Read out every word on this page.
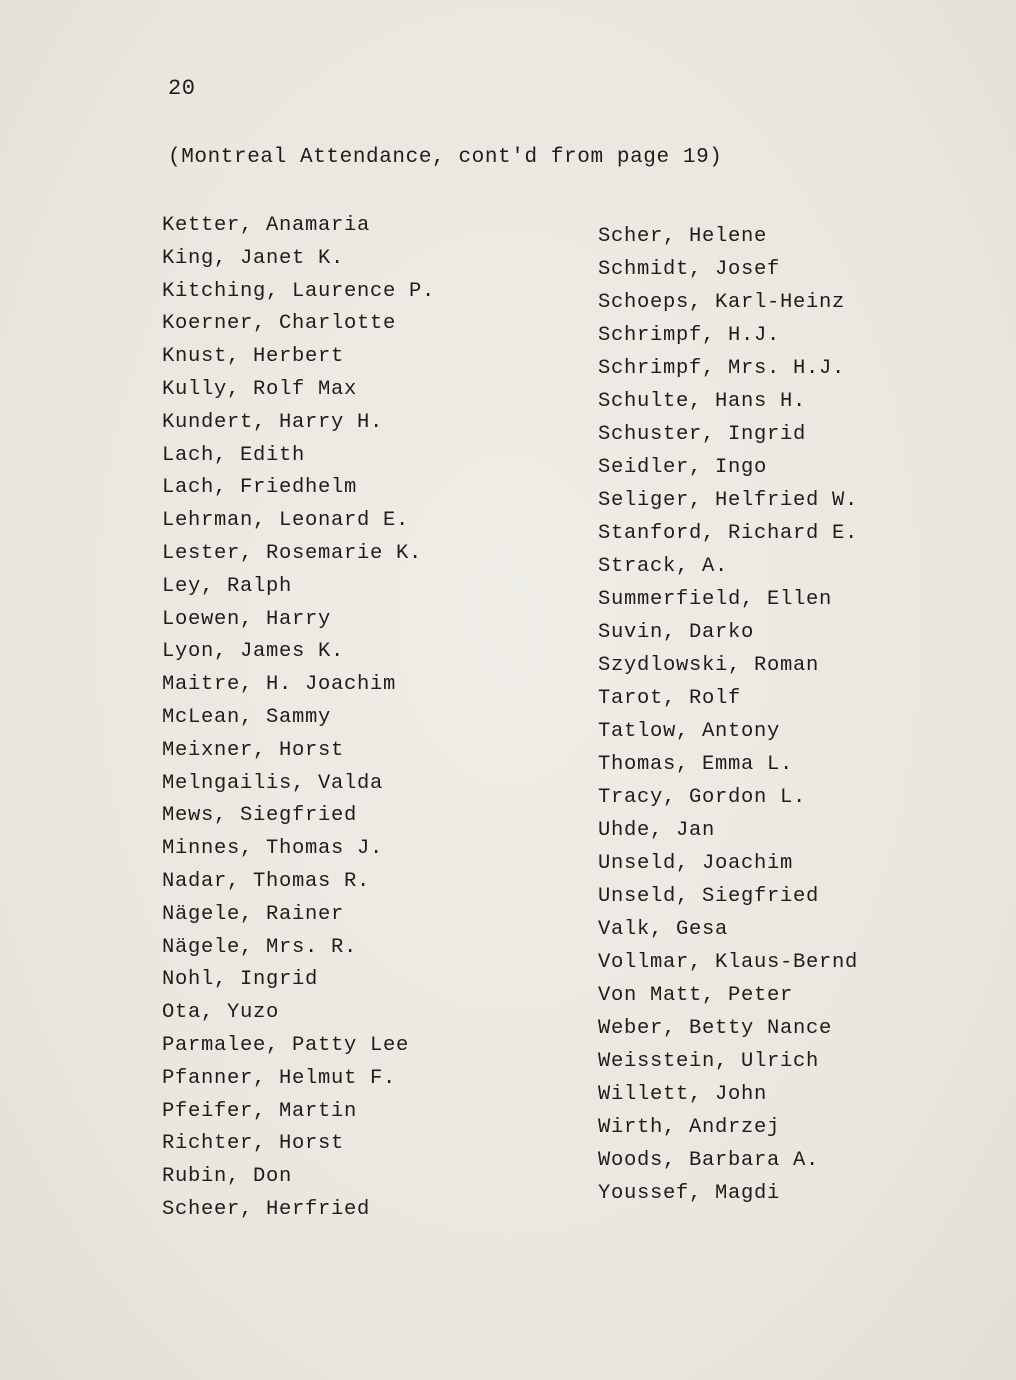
20
(Montreal Attendance, cont'd from page 19)
Ketter, Anamaria
King, Janet K.
Kitching, Laurence P.
Koerner, Charlotte
Knust, Herbert
Kully, Rolf Max
Kundert, Harry H.
Lach, Edith
Lach, Friedhelm
Lehrman, Leonard E.
Lester, Rosemarie K.
Ley, Ralph
Loewen, Harry
Lyon, James K.
Maitre, H. Joachim
McLean, Sammy
Meixner, Horst
Melngailis, Valda
Mews, Siegfried
Minnes, Thomas J.
Nadar, Thomas R.
Nägele, Rainer
Nägele, Mrs. R.
Nohl, Ingrid
Ota, Yuzo
Parmalee, Patty Lee
Pfanner, Helmut F.
Pfeifer, Martin
Richter, Horst
Rubin, Don
Scheer, Herfried
Scher, Helene
Schmidt, Josef
Schoeps, Karl-Heinz
Schrimpf, H.J.
Schrimpf, Mrs. H.J.
Schulte, Hans H.
Schuster, Ingrid
Seidler, Ingo
Seliger, Helfried W.
Stanford, Richard E.
Strack, A.
Summerfield, Ellen
Suvin, Darko
Szydlowski, Roman
Tarot, Rolf
Tatlow, Antony
Thomas, Emma L.
Tracy, Gordon L.
Uhde, Jan
Unseld, Joachim
Unseld, Siegfried
Valk, Gesa
Vollmar, Klaus-Bernd
Von Matt, Peter
Weber, Betty Nance
Weisstein, Ulrich
Willett, John
Wirth, Andrzej
Woods, Barbara A.
Youssef, Magdi
